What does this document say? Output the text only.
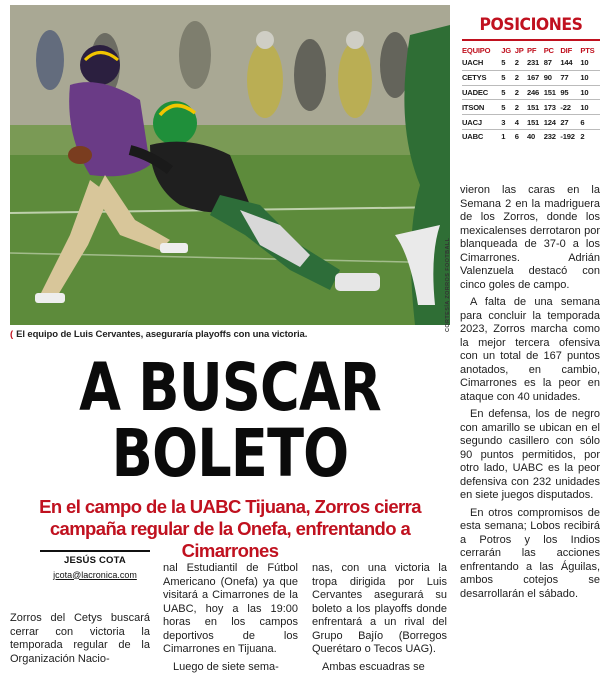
CORTESÍA ZORROS FOOTBALL
( El equipo de Luis Cervantes, aseguraría playoffs con una victoria.
A BUSCAR
BOLETO
En el campo de la UABC Tijuana, Zorros cierra campaña regular de la Onefa, enfrentando a Cimarrones
JESÚS COTA
jcota@lacronica.com

Zorros del Cetys buscará cerrar con victoria la temporada regular de la Organización Nacio-

nal Estudiantil de Fútbol Americano (Onefa) ya que visitará a Cimarrones de la UABC, hoy a las 19:00 horas en los campos deportivos de los Cimarrones en Tijuana.

Luego de siete sema-

nas, con una victoria la tropa dirigida por Luis Cervantes asegurará su boleto a los playoffs donde enfrentará a un rival del Grupo Bajío (Borregos Querétaro o Tecos UAG).

Ambas escuadras se

vieron las caras en la Semana 2 en la madriguera de los Zorros, donde los mexicalenses derrotaron por blanqueada de 37-0 a los Cimarrones. Adrián Valenzuela destacó con cinco goles de campo.

A falta de una semana para concluir la temporada 2023, Zorros marcha como la mejor tercera ofensiva con un total de 167 puntos anotados, en cambio, Cimarrones es la peor en ataque con 40 unidades.

En defensa, los de negro con amarillo se ubican en el segundo casillero con sólo 90 puntos permitidos, por otro lado, UABC es la peor defensiva con 232 unidades en siete juegos disputados.

En otros compromisos de esta semana; Lobos recibirá a Potros y los Indios cerrarán las acciones enfrentando a las Águilas, ambos cotejos se desarrollarán el sábado.

POSICIONES
EQUIPO	JG	JP	PF	PC	DIF	PTS
UACH	5	2	231	87	144	10
CETYS	5	2	167	90	77	10
UADEC	5	2	246	151	95	10
ITSON	5	2	151	173	-22	10
UACJ	3	4	151	124	27	6
UABC	1	6	40	232	-192	2
